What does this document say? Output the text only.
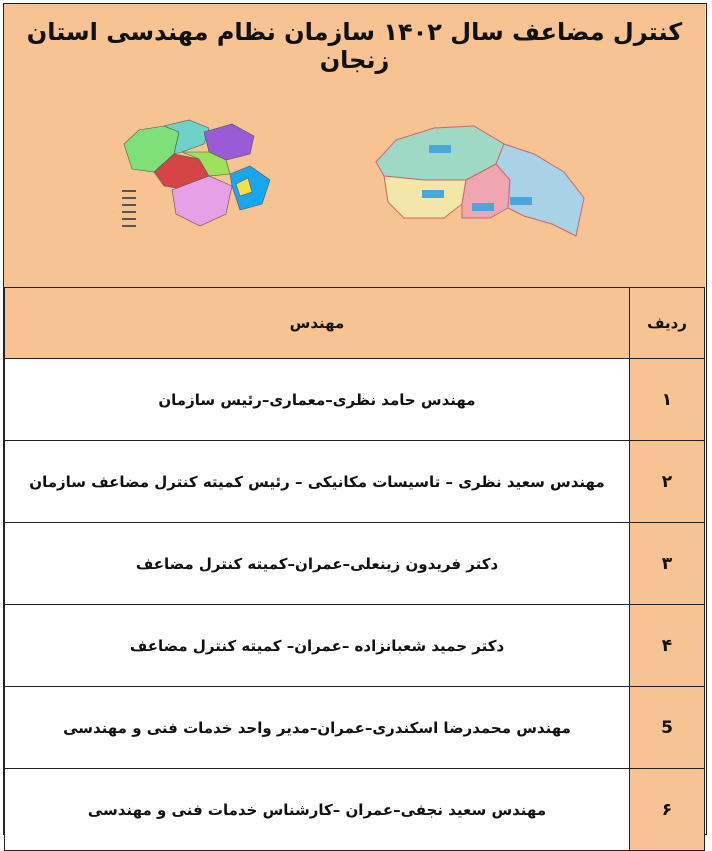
کنترل مضاعف سال ۱۴۰۲ سازمان نظام مهندسی استان زنجان
ردیف	مهندس
۱	مهندس حامد نظری–معماری–رئیس سازمان
۲	مهندس سعید نظری – تاسیسات مکانیکی – رئیس کمیته کنترل مضاعف سازمان
۳	دکتر فریدون زینعلی–عمران–کمیته کنترل مضاعف
۴	دکتر حمید شعبانزاده –عمران– کمیته کنترل مضاعف
5	مهندس محمدرضا اسکندری–عمران–مدیر واحد خدمات فنی و مهندسی
۶	مهندس سعید نجفی–عمران –کارشناس خدمات فنی و مهندسی
